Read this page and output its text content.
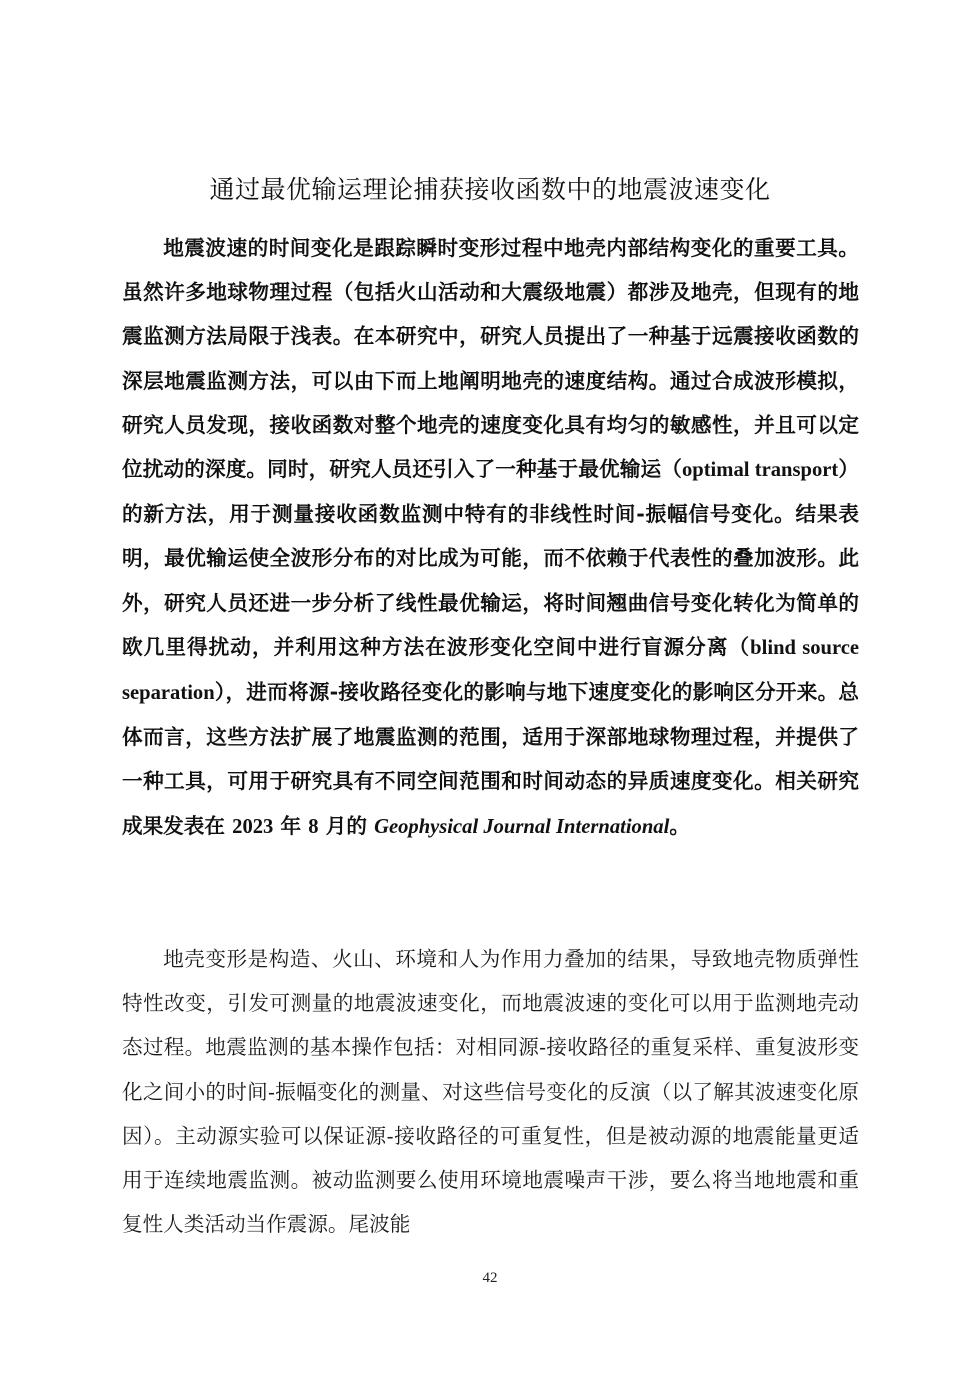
通过最优输运理论捕获接收函数中的地震波速变化

地震波速的时间变化是跟踪瞬时变形过程中地壳内部结构变化的重要工具。虽然许多地球物理过程（包括火山活动和大震级地震）都涉及地壳，但现有的地震监测方法局限于浅表。在本研究中，研究人员提出了一种基于远震接收函数的深层地震监测方法，可以由下而上地阐明地壳的速度结构。通过合成波形模拟，研究人员发现，接收函数对整个地壳的速度变化具有均匀的敏感性，并且可以定位扰动的深度。同时，研究人员还引入了一种基于最优输运（optimal transport）的新方法，用于测量接收函数监测中特有的非线性时间-振幅信号变化。结果表明，最优输运使全波形分布的对比成为可能，而不依赖于代表性的叠加波形。此外，研究人员还进一步分析了线性最优输运，将时间翘曲信号变化转化为简单的欧几里得扰动，并利用这种方法在波形变化空间中进行盲源分离（blind source separation），进而将源-接收路径变化的影响与地下速度变化的影响区分开来。总体而言，这些方法扩展了地震监测的范围，适用于深部地球物理过程，并提供了一种工具，可用于研究具有不同空间范围和时间动态的异质速度变化。相关研究成果发表在 2023 年 8 月的 Geophysical Journal International。

地壳变形是构造、火山、环境和人为作用力叠加的结果，导致地壳物质弹性特性改变，引发可测量的地震波速变化，而地震波速的变化可以用于监测地壳动态过程。地震监测的基本操作包括：对相同源-接收路径的重复采样、重复波形变化之间小的时间-振幅变化的测量、对这些信号变化的反演（以了解其波速变化原因）。主动源实验可以保证源-接收路径的可重复性，但是被动源的地震能量更适用于连续地震监测。被动监测要么使用环境地震噪声干涉，要么将当地地震和重复性人类活动当作震源。尾波能

42
